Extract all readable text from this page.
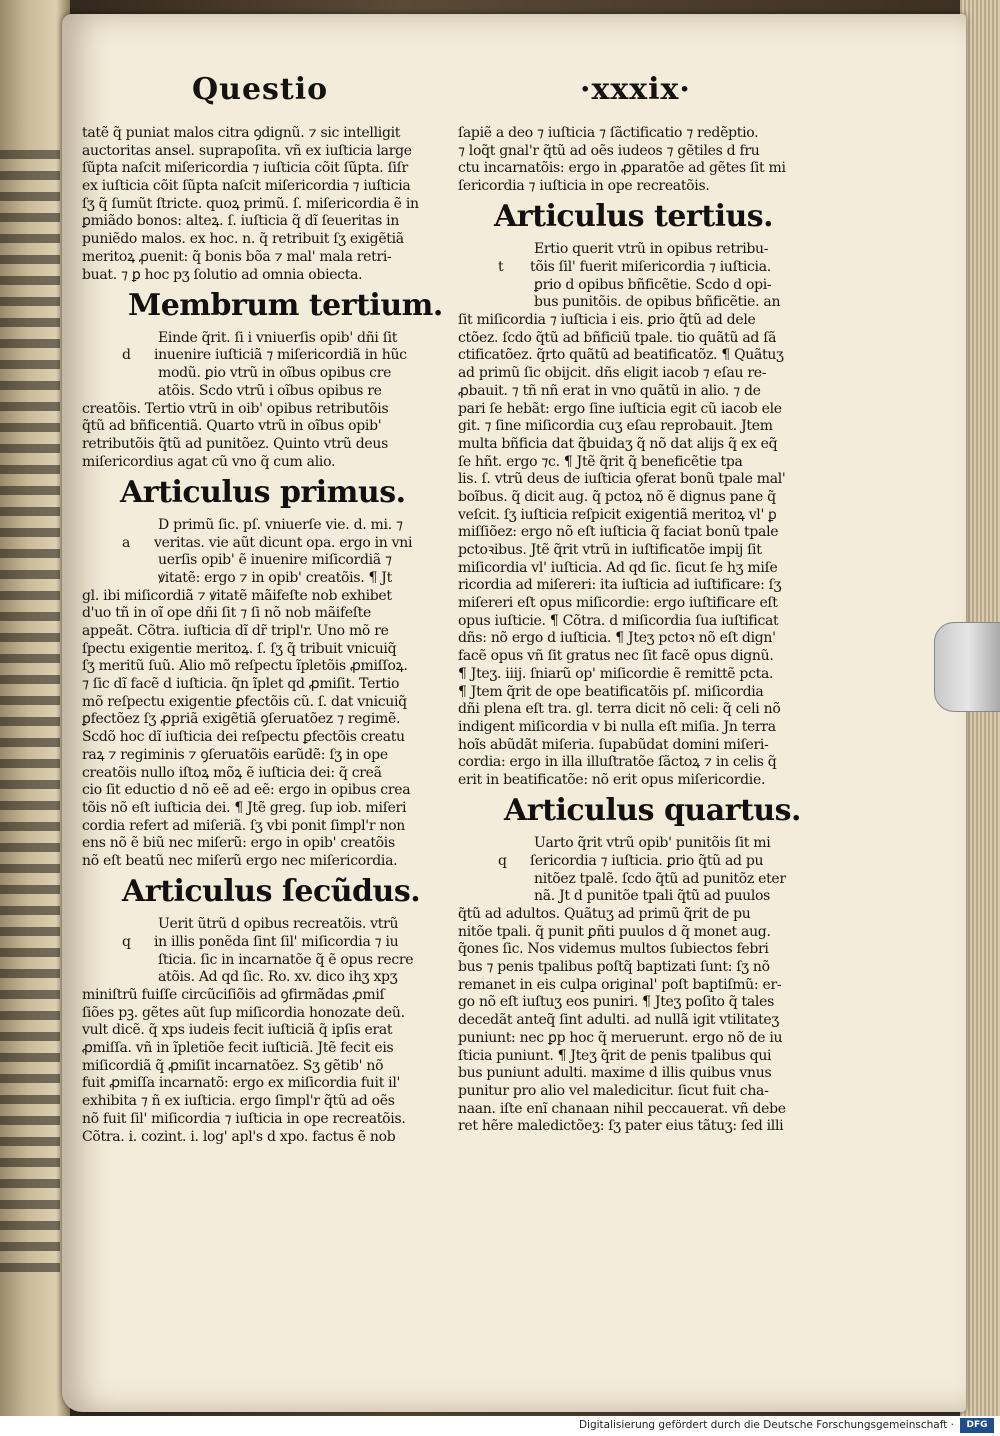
Questio	·xxxix·
tatẽ q̃ puniat malos citra ꝯdignũ. ⁊ sic intelligit
auctoritas ansel. suprapoſita. vñ ex iuſticia large
ſũpta naſcit̃ miſericordia ⁊ iuſticia cõit̃ ſũpta. ſiſr
ex iuſticia cõit̃ ſũpta naſcit̃ miſericordia ⁊ iuſticia
ſʒ q̃ ſumũt ſtricte. quoꝝ primũ. ſ. miſericordia ẽ in
ꝑmiãdo bonos: alteꝝ. ſ. iuſticia q̃ dĩ ſeueritas in
puniẽdo malos. ex hoc. n. q̃ retribuit ſʒ exigẽtiã
meritoꝝ ꝓuenit: q̃ bonis bõa ⁊ mal' mala retri-
buat. ⁊ ꝑ hoc pʒ ſolutio ad omnia obiecta.
Membrum tertium.
Einde q̃rit̃. ſi i vniuerſis opib' dñi ſit
d inuenire iuſticiã ⁊ miſericordiã in hũc
modũ. ꝑio vtrũ in oĩbus opibus cre
atõis. Scdo vtrũ i oĩbus opibus re
creatõis. Tertio vtrũ in oib' opibus retributõis
q̃tũ ad bñficentiã. Quarto vtrũ in oĩbus opib'
retributõis q̃tũ ad punitõez. Quinto vtrũ deus
miſericordius agat cũ vno q̃ cum alio.
Articulus primus.
D primũ ſic. pſ. vniuerſe vie. d. mi. ⁊
a veritas. vie aũt dicunt̃ opa. ergo in vni
uerſis opib' ẽ inuenire miſicordiã ⁊
ꝟitatẽ: ergo ⁊ in opib' creatõis. ¶ Jt
gl. ibi miſicordiã ⁊ ꝟitatẽ mãifeſte nob exhibet
d'uo tñ in oĩ ope dñi ſit ⁊ ſi nõ nob mãifeſte
appeãt. Cõtra. iuſticia dĩ dr̃ tripl'r. Uno mõ re
ſpectu exigentie meritoꝝ. ſ. ſʒ q̃ tribuit vnicuiq̃
ſʒ meritũ ſuũ. Alio mõ reſpectu ĩpletõis ꝓmiſſoꝝ.
⁊ ſic dĩ facẽ d iuſticia. q̃n ĩplet qd̃ ꝓmiſit. Tertio
mõ reſpectu exigentie ꝑfectõis cũ. ſ. dat vnicuiq̃
ꝑfectõez ſʒ ꝓpriã exigẽtiã ꝯſeruatõez ⁊ regimẽ.
Scdõ hoc dĩ iuſticia dei reſpectu ꝑfectõis creatu
raꝝ ⁊ regiminis ⁊ ꝯſeruatõis earũdẽ: ſʒ in ope
creatõis nullo iſtoꝝ mõꝝ ẽ iuſticia dei: q̃ creã
cio ſit eductio d nõ eẽ ad eẽ: ergo in opibus crea
tõis nõ eſt iuſticia dei. ¶ Jtẽ greg. ſup iob. miſeri
cordia refert̃ ad miſeriã. ſʒ vbi ponit̃ ſimpl'r non
ens nõ ẽ biũ nec miſerũ: ergo in opib' creatõis
nõ eſt beatũ nec miſerũ ergo nec miſericordia.
Articulus ſecũdus.
Uerit̃ ũtrũ d opibus recreatõis. vtrũ
q in illis ponẽda ſint ſil' miſicordia ⁊ iu
ſticia. ſic in incarnatõe q̃ ẽ opus recre
atõis. Ad qd̃ ſic. Ro. xv. dico ihʒ xpʒ
miniſtrũ fuiſſe circũciſiõis ad ꝯfirmãdas ꝓmiſ
ſiões pꝫ. gẽtes aũt ſup miſicordia honozate deũ.
vult dicẽ. q̃ xps iudeis fecit iuſticiã q̃ ipſis erat
ꝓmiſſa. vñ in ĩpletiõe fecit iuſticiã. Jtẽ fecit eis
miſicordiã q̃ ꝓmiſit incarnatõez. Sʒ gẽtib' nõ
fuit ꝓmiſſa incarnatõ: ergo ex miſicordia fuit il'
exhibita ⁊ ñ ex iuſticia. ergo ſimpl'r q̃tũ ad oẽs
nõ fuit ſil' miſicordia ⁊ iuſticia in ope recreatõis.
Cõtra. i. cozint. i. log' apl's d xpo. factus ẽ nob
ſapiẽ a deo ⁊ iuſticia ⁊ ſãctificatio ⁊ redẽptio.
⁊ loq̃t gnal'r q̃tũ ad oẽs iudeos ⁊ gẽtiles d fru
ctu incarnatõis: ergo in ꝓparatõe ad gẽtes ſit mi
ſericordia ⁊ iuſticia in ope recreatõis.
Articulus tertius.
Ertio querit̃ vtrũ in opibus retribu-
t tõis ſil' fuerit miſericordia ⁊ iuſticia.
ꝑrio d opibus bñficẽtie. Scdo d opi-
bus punitõis. de opibus bñficẽtie. an
ſit miſicordia ⁊ iuſticia i eis. ꝑrio q̃tũ ad dele
ctõez. ſcdo q̃tũ ad bñficiũ tpale. ẗio quãtũ ad ſã
ctificatõez. q̃rto quãtũ ad beatificatõz. ¶ Quãtuʒ
ad primũ ſic obijcit̃. dñs eligit iacob ⁊ eſau re-
ꝓbauit. ⁊ tñ nñ erat in vno quãtũ in alio. ⁊ de
pari ſe hebãt: ergo ſine iuſticia egit cũ iacob ele
git. ⁊ ſine miſicordia cuʒ eſau reprobauit. Jtem
multa bñficia dat q̃buidaʒ q̃ nõ dat alijs q̃ ex eq̃
ſe hñt. ergo ⁊c. ¶ Jtẽ q̃rit̃ q̃ beneficẽtie tpa
lis. ſ. vtrũ deus de iuſticia ꝯferat bonũ tpale mal'
boĩbus. q̃ dicit aug. q̃ pctoꝝ nõ ẽ dignus pane q̃
veſcit̃. ſʒ iuſticia reſpicit exigentiã meritoꝝ vl' ꝑ
miſſiõez: ergo nõ eſt iuſticia q̃ faciat bonũ tpale
pctoꝛibus. Jtẽ q̃rit̃ vtrũ in iuſtificatõe impij ſit
miſicordia vl' iuſticia. Ad qd̃ ſic. ſicut ſe hʒ miſe
ricordia ad miſereri: ita iuſticia ad iuſtificare: ſʒ
miſereri eſt opus miſicordie: ergo iuſtificare eſt
opus iuſticie. ¶ Cõtra. d miſicordia ſua iuſtificat
dñs: nõ ergo d iuſticia. ¶ Jteʒ pctoꝛ nõ eſt dign'
facẽ opus vñ ſit gratus nec ſit facẽ opus dignũ.
¶ Jteʒ. iiij. ſniarũ op' miſicordie ẽ remittẽ pcta.
¶ Jtem q̃rit̃ de ope beatificatõis pſ. miſicordia
dñi plena eſt tra. gl. terra dicit̃ nõ celi: q̃ celi nõ
indigent miſicordia v bi nulla eſt miſia. Jn terra
hoĩs abũdãt miſeria. ſupabũdat domini miſeri-
cordia: ergo in illa illuſtratõe ſãctoꝝ ⁊ in celis q̃
erit in beatificatõe: nõ erit opus miſericordie.
Articulus quartus.
Uarto q̃rit̃ vtrũ opib' punitõis ſit mi
q ſericordia ⁊ iuſticia. ꝑrio q̃tũ ad pu
nitõez tpalẽ. ſcdo q̃tũ ad punitõz eter
nã. Jt d punitõe tpali q̃tũ ad puulos
q̃tũ ad adultos. Quãtuʒ ad primũ q̃rit̃ de pu
nitõe tpali. q̃ punit̃ ꝑñti puulos d q̃ monet aug.
q̃ones ſic. Nos videmus multos ſubiectos febri
bus ⁊ penis tpalibus poſtq̃ baptizati ſunt: ſʒ nõ
remanet in eis culpa original' poſt baptiſmũ: er-
go nõ eſt iuſtuʒ eos puniri. ¶ Jteʒ poſito q̃ tales
decedãt anteq̃ ſint adulti. ad nullã igit̃ vtilitateʒ
puniunt̃: nec ꝑp hoc q̃ meruerunt. ergo nõ de iu
ſticia puniunt̃. ¶ Jteʒ q̃rit̃ de penis tpalibus qui
bus puniunt̃ adulti. maxime d illis quibus vnus
punitur pro alio vel maledicitur. ſicut fuit cha-
naan. iſte enĩ chanaan nihil peccauerat. vñ debe
ret hẽre maledictõeʒ: ſʒ pater eius tãtuʒ: ſed illi
Digitalisierung gefördert durch die Deutsche Forschungsgemeinschaft ·	DFG
